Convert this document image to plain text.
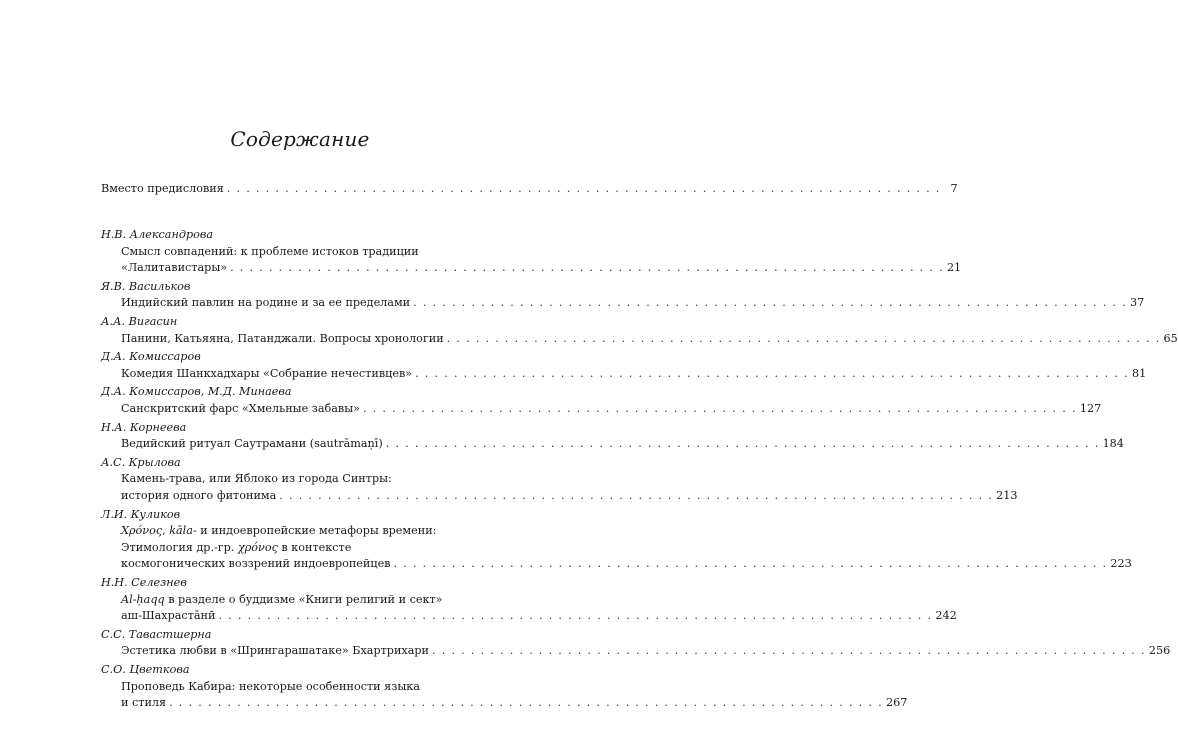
Содержание
Вместо предисловия . . . . . . . . . . . . . . . . . . . . . . . . . . . . . . . . . . . . . . . . . . . . . . . . . . . . . . . . . . . . . . . . . . . . . . . . . . 7
Н.В. Александрова
Смысл совпадений: к проблеме истоков традиции
«Лалитавистары» . . . . . . . . . . . . . . . . . . . . . . . . . . . . . . . . . . . . . . . . . . . . . . . . . . . . . . . . . . . . . . . . . . . . . . . . . . 21
Я.В. Васильков
Индийский павлин на родине и за ее пределами . . . . . . . . . . . . . . . . . . . . . . . . . . . . . . . . . . . . . . . . . . . . . . . . . . . . . . . . . . . . . . . . . . . . . . . . . . 37
А.А. Вигасин
Панини, Катьяяна, Патанджали. Вопросы хронологии . . . . . . . . . . . . . . . . . . . . . . . . . . . . . . . . . . . . . . . . . . . . . . . . . . . . . . . . . . . . . . . . . . . . . . . . . . 65
Д.А. Комиссаров
Комедия Шанкхадхары «Собрание нечестивцев» . . . . . . . . . . . . . . . . . . . . . . . . . . . . . . . . . . . . . . . . . . . . . . . . . . . . . . . . . . . . . . . . . . . . . . . . . . 81
Д.А. Комиссаров, М.Д. Минаева
Санскритский фарс «Хмельные забавы» . . . . . . . . . . . . . . . . . . . . . . . . . . . . . . . . . . . . . . . . . . . . . . . . . . . . . . . . . . . . . . . . . . . . . . . . . . 127
Н.А. Корнеева
Ведийский ритуал Саутрамани (sautrāmaṇī) . . . . . . . . . . . . . . . . . . . . . . . . . . . . . . . . . . . . . . . . . . . . . . . . . . . . . . . . . . . . . . . . . . . . . . . . . . 184
А.С. Крылова
Камень-трава, или Яблоко из города Синтры:
история одного фитонима . . . . . . . . . . . . . . . . . . . . . . . . . . . . . . . . . . . . . . . . . . . . . . . . . . . . . . . . . . . . . . . . . . . . . . . . . . 213
Л.И. Куликов
Χρόνος, kāla- и индоевропейские метафоры времени:
Этимология др.-гр. χρόνος в контексте
космогонических воззрений индоевропейцев . . . . . . . . . . . . . . . . . . . . . . . . . . . . . . . . . . . . . . . . . . . . . . . . . . . . . . . . . . . . . . . . . . . . . . . . . . 223
Н.Н. Селезнев
Al-ḥaqq в разделе о буддизме «Книги религий и сект»
аш-Шахрастāнӣ . . . . . . . . . . . . . . . . . . . . . . . . . . . . . . . . . . . . . . . . . . . . . . . . . . . . . . . . . . . . . . . . . . . . . . . . . . 242
С.С. Тавастшерна
Эстетика любви в «Шрингарашатаке» Бхартрихари . . . . . . . . . . . . . . . . . . . . . . . . . . . . . . . . . . . . . . . . . . . . . . . . . . . . . . . . . . . . . . . . . . . . . . . . . . 256
С.О. Цветкова
Проповедь Кабира: некоторые особенности языка
и стиля . . . . . . . . . . . . . . . . . . . . . . . . . . . . . . . . . . . . . . . . . . . . . . . . . . . . . . . . . . . . . . . . . . . . . . . . . . 267
